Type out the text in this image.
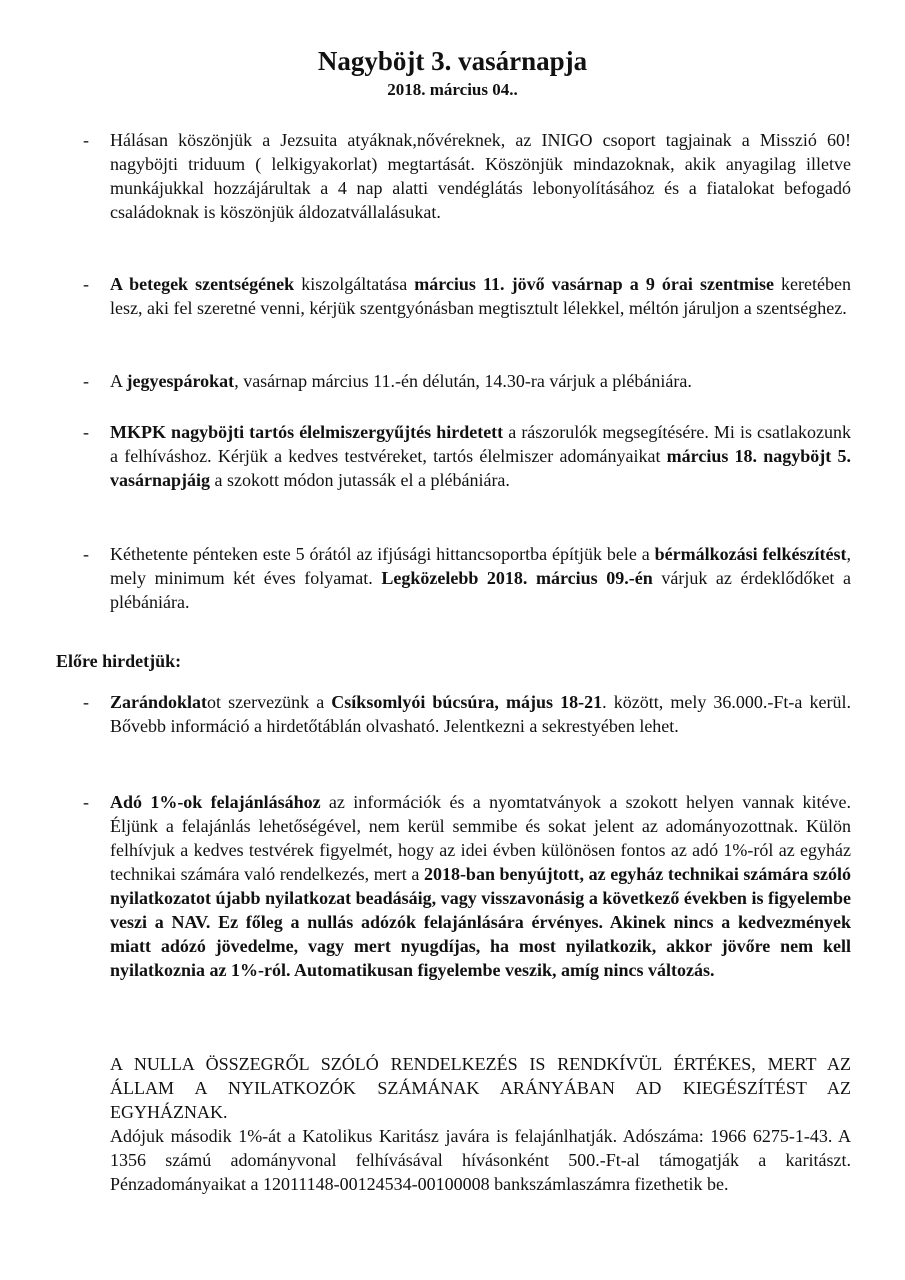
Nagyböjt 3. vasárnapja
2018. március 04..
-	Hálásan köszönjük a Jezsuita atyáknak,nővéreknek, az INIGO csoport tagjainak a Misszió 60! nagyböjti triduum ( lelkigyakorlat) megtartását. Köszönjük mindazoknak, akik anyagilag illetve munkájukkal hozzájárultak a 4 nap alatti vendéglátás lebonyolításához és a fiatalokat befogadó családoknak is köszönjük áldozatvállalásukat.
-	A betegek szentségének kiszolgáltatása március 11. jövő vasárnap a 9 órai szentmise keretében lesz, aki fel szeretné venni, kérjük szentgyónásban megtisztult lélekkel, méltón járuljon a szentséghez.
-	A jegyespárokat, vasárnap március 11.-én délután, 14.30-ra várjuk a plébániára.
-	MKPK nagyböjti tartós élelmiszergyűjtés hirdetett a rászorulók megsegítésére. Mi is csatlakozunk a felhíváshoz. Kérjük a kedves testvéreket, tartós élelmiszer adományaikat március 18. nagyböjt 5. vasárnapjáig a szokott módon jutassák el a plébániára.
-	Kéthetente pénteken este 5 órától az ifjúsági hittancsoportba építjük bele a bérmálkozási felkészítést, mely minimum két éves folyamat. Legközelebb 2018. március 09.-én várjuk az érdeklődőket a plébániára.
Előre hirdetjük:
-	Zarándoklatot szervezünk a Csíksomlyói búcsúra, május 18-21. között, mely 36.000.-Ft-a kerül. Bővebb információ a hirdetőtáblán olvasható. Jelentkezni a sekrestyében lehet.
-	Adó 1%-ok felajánlásához az információk és a nyomtatványok a szokott helyen vannak kitéve. Éljünk a felajánlás lehetőségével, nem kerül semmibe és sokat jelent az adományozottnak. Külön felhívjuk a kedves testvérek figyelmét, hogy az idei évben különösen fontos az adó 1%-ról az egyház technikai számára való rendelkezés, mert a 2018-ban benyújtott, az egyház technikai számára szóló nyilatkozatot újabb nyilatkozat beadásáig, vagy visszavonásig a következő években is figyelembe veszi a NAV. Ez főleg a nullás adózók felajánlására érvényes. Akinek nincs a kedvezmények miatt adózó jövedelme, vagy mert nyugdíjas, ha most nyilatkozik, akkor jövőre nem kell nyilatkoznia az 1%-ról. Automatikusan figyelembe veszik, amíg nincs változás.
A NULLA ÖSSZEGRŐL SZÓLÓ RENDELKEZÉS IS RENDKÍVÜL ÉRTÉKES, MERT AZ ÁLLAM A NYILATKOZÓK SZÁMÁNAK ARÁNYÁBAN AD KIEGÉSZÍTÉST AZ EGYHÁZNAK.
Adójuk második 1%-át a Katolikus Karitász javára is felajánlhatják. Adószáma: 1966 6275-1-43. A 1356 számú adományvonal felhívásával hívásonként 500.-Ft-al támogatják a karitászt. Pénzadományaikat a 12011148-00124534-00100008 bankszámlaszámra fizethetik be.
